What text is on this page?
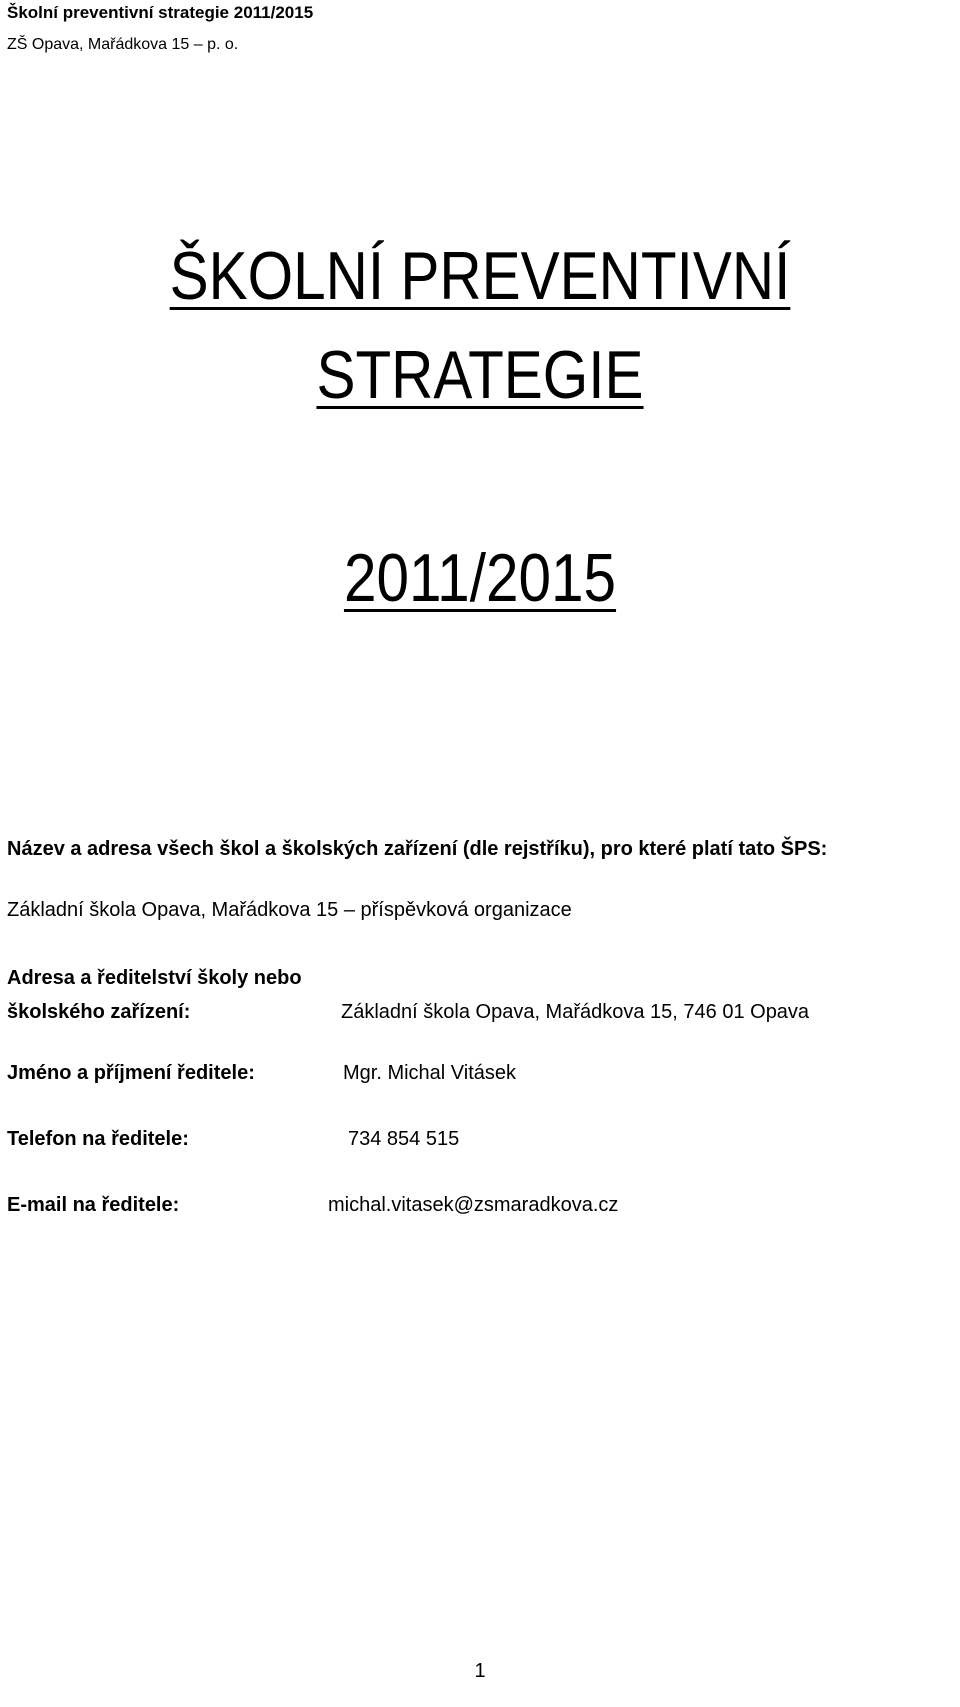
Školní preventivní strategie 2011/2015
ZŠ Opava, Mařádkova 15 – p. o.
ŠKOLNÍ PREVENTIVNÍ
STRATEGIE
2011/2015
Název a adresa všech škol a školských zařízení (dle rejstříku), pro které platí tato ŠPS:
Základní škola Opava, Mařádkova 15 – příspěvková organizace
Adresa a ředitelství školy nebo
školského zařízení:	Základní škola Opava, Mařádkova 15, 746 01 Opava
Jméno a příjmení ředitele:	Mgr. Michal Vitásek
Telefon na ředitele:	734 854 515
E-mail na ředitele:	michal.vitasek@zsmaradkova.cz
1
